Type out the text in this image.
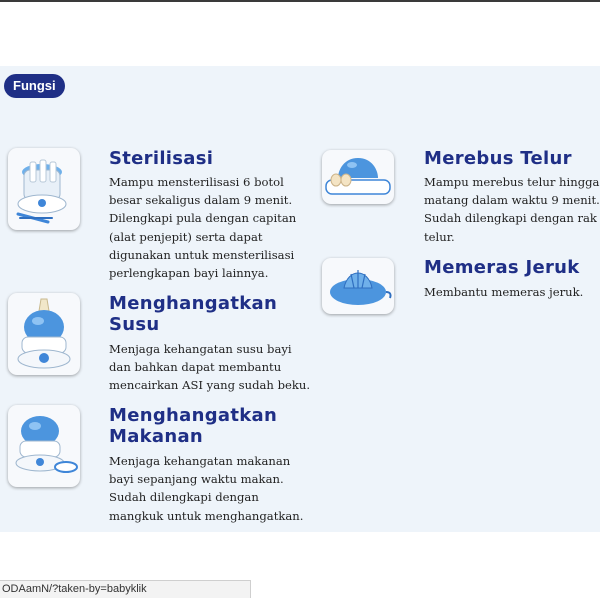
Fungsi
Sterilisasi
Mampu mensterilisasi 6 botol
besar sekaligus dalam 9 menit.
Dilengkapi pula dengan capitan
(alat penjepit) serta dapat
digunakan untuk mensterilisasi
perlengkapan bayi lainnya.
Menghangatkan
Susu
Menjaga kehangatan susu bayi
dan bahkan dapat membantu
mencairkan ASI yang sudah beku.
Menghangatkan
Makanan
Menjaga kehangatan makanan
bayi sepanjang waktu makan.
Sudah dilengkapi dengan
mangkuk untuk menghangatkan.
Merebus Telur
Mampu merebus telur hingga
matang dalam waktu 9 menit.
Sudah dilengkapi dengan rak
telur.
Memeras Jeruk
Membantu memeras jeruk.
ODAamN/?taken-by=babyklik
